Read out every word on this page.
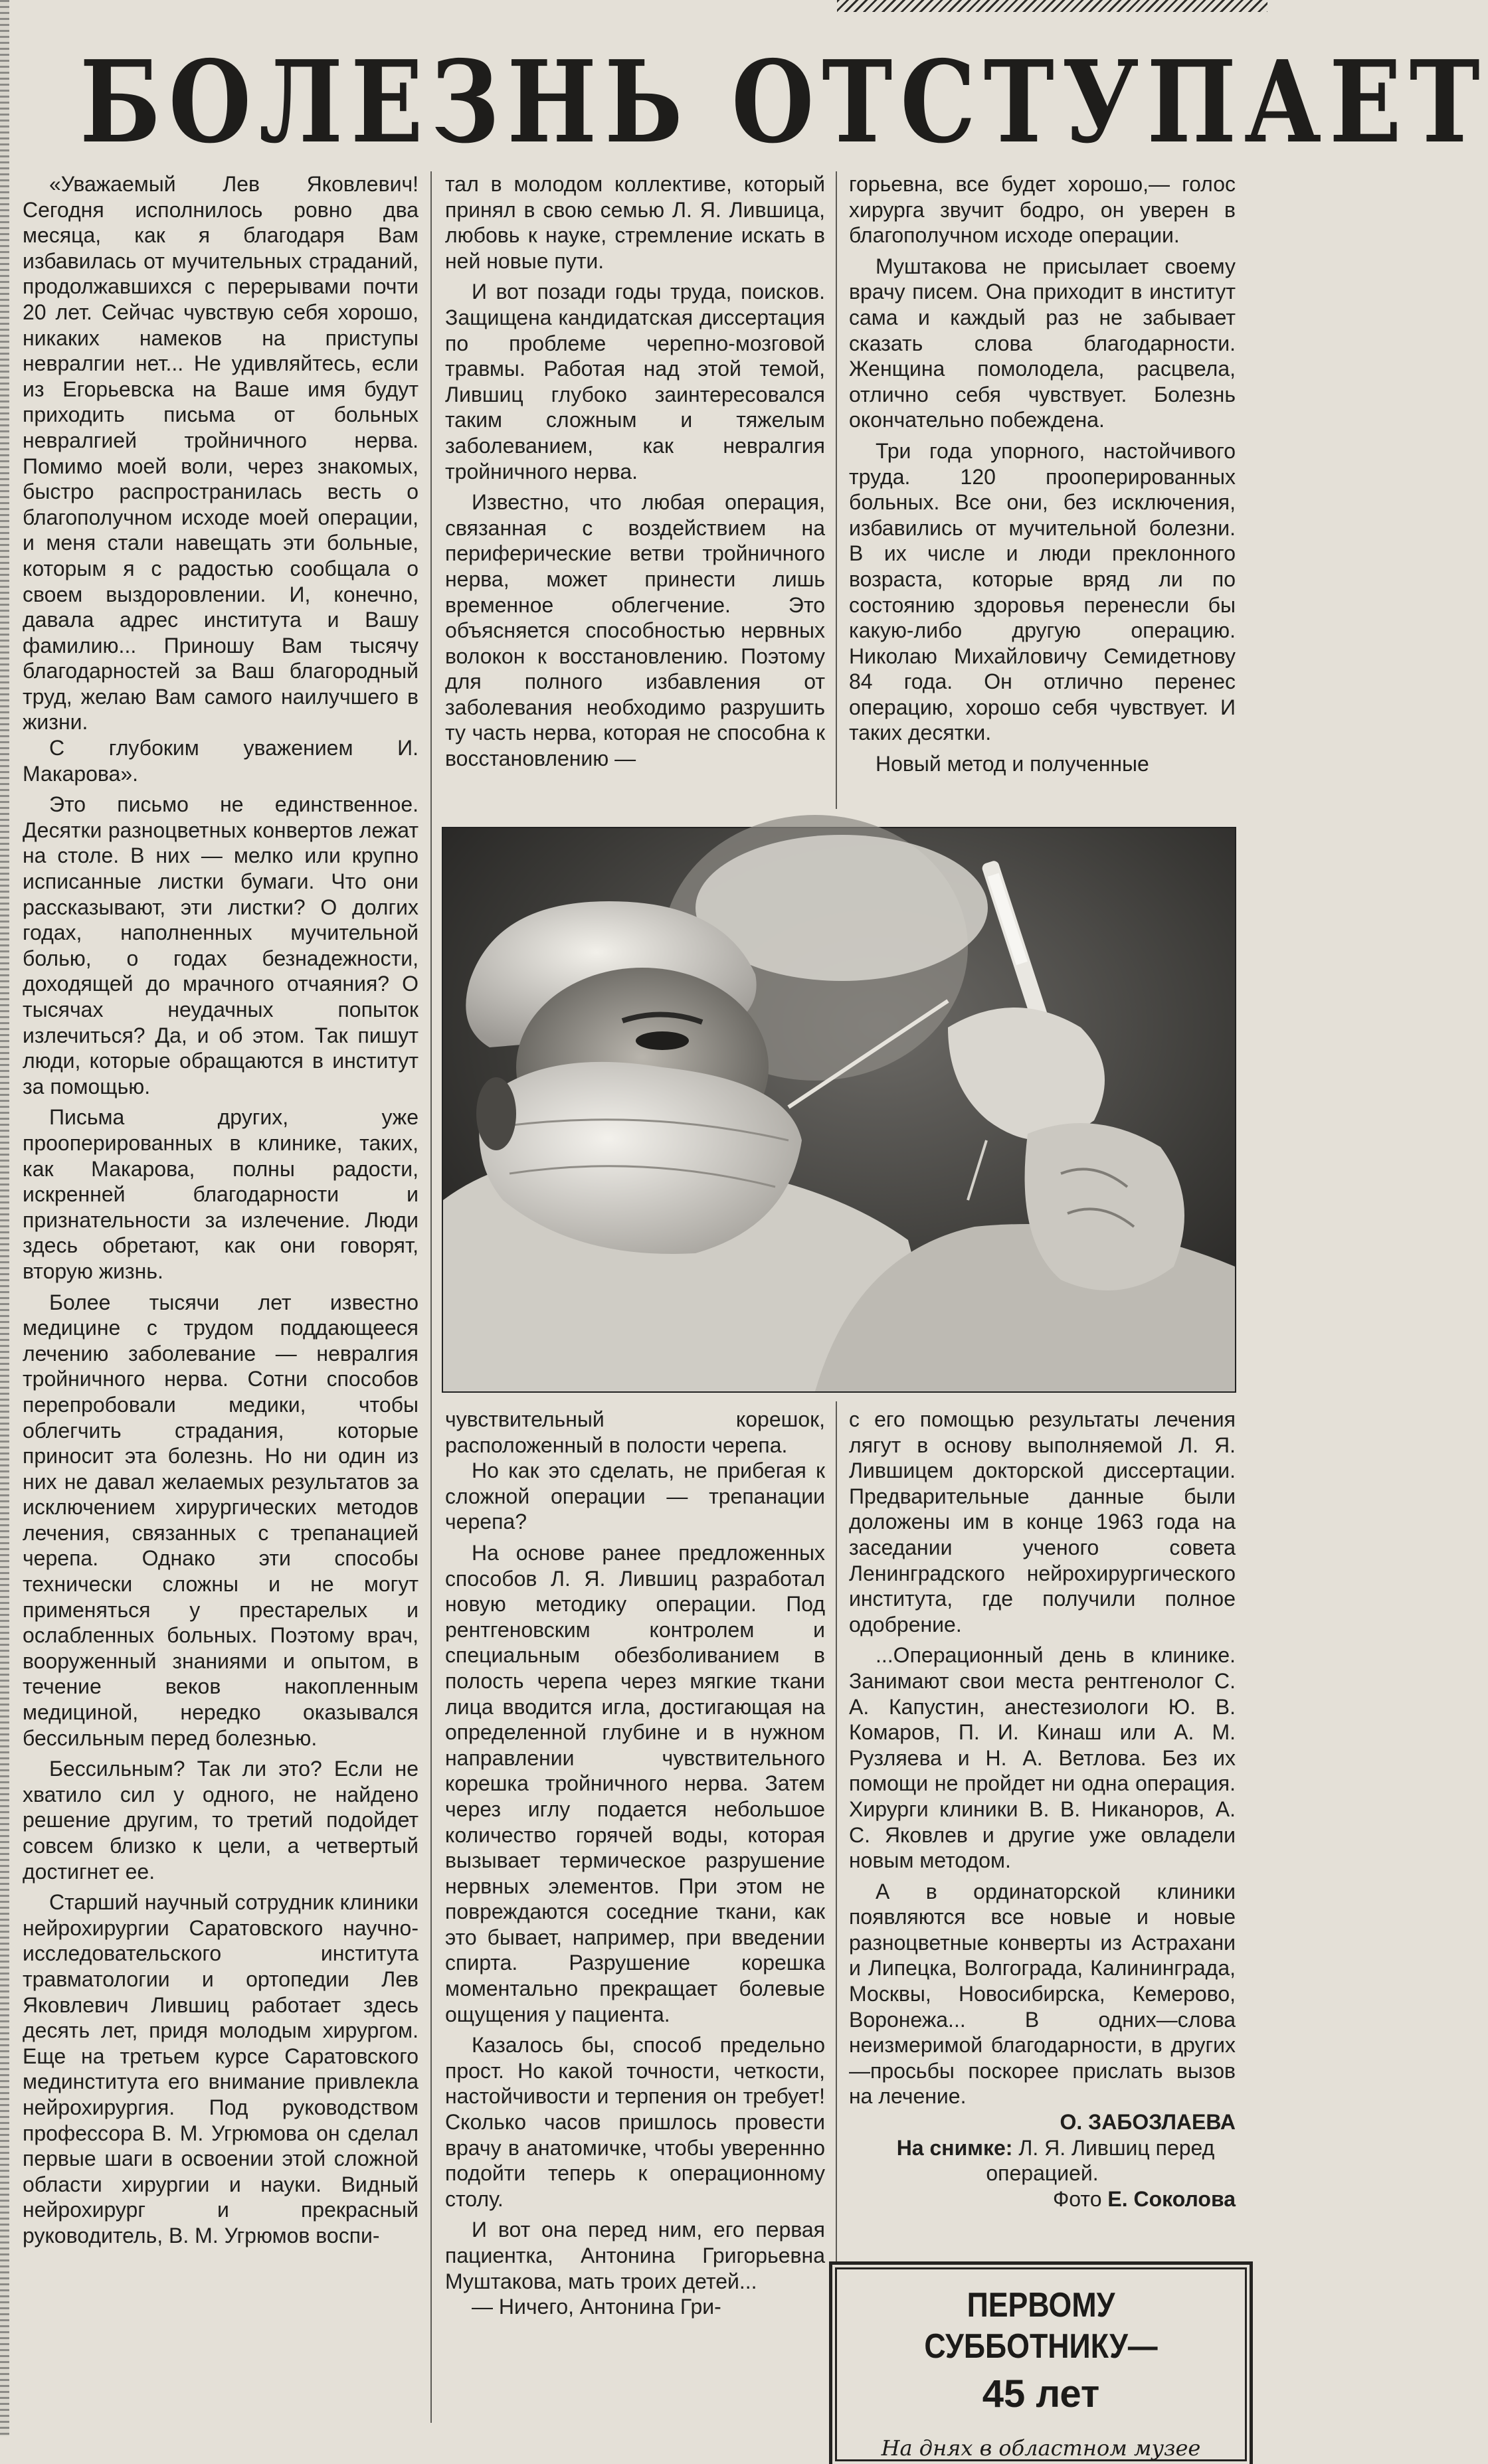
БОЛЕЗНЬ ОТСТУПАЕТ

«Уважаемый Лев Яковлевич! Сегодня исполнилось ровно два месяца, как я благодаря Вам избавилась от мучительных страданий, продолжавшихся с перерывами почти 20 лет. Сейчас чувствую себя хорошо, никаких намеков на приступы невралгии нет... Не удивляйтесь, если из Егорьевска на Ваше имя будут приходить письма от больных невралгией тройничного нерва. Помимо моей воли, через знакомых, быстро распространилась весть о благополучном исходе моей операции, и меня стали навещать эти больные, которым я с радостью сообщала о своем выздоровлении. И, конечно, давала адрес института и Вашу фамилию... Приношу Вам тысячу благодарностей за Ваш благородный труд, желаю Вам самого наилучшего в жизни.

С глубоким уважением И. Макарова».

Это письмо не единственное. Десятки разноцветных конвертов лежат на столе. В них — мелко или крупно исписанные листки бумаги. Что они рассказывают, эти листки? О долгих годах, наполненных мучительной болью, о годах безнадежности, доходящей до мрачного отчаяния? О тысячах неудачных попыток излечиться? Да, и об этом. Так пишут люди, которые обращаются в институт за помощью.

Письма других, уже прооперированных в клинике, таких, как Макарова, полны радости, искренней благодарности и признательности за излечение. Люди здесь обретают, как они говорят, вторую жизнь.

Более тысячи лет известно медицине с трудом поддающееся лечению заболевание — невралгия тройничного нерва. Сотни способов перепробовали медики, чтобы облегчить страдания, которые приносит эта болезнь. Но ни один из них не давал желаемых результатов за исключением хирургических методов лечения, связанных с трепанацией черепа. Однако эти способы технически сложны и не могут применяться у престарелых и ослабленных больных. Поэтому врач, вооруженный знаниями и опытом, в течение веков накопленным медициной, нередко оказывался бессильным перед болезнью.

Бессильным? Так ли это? Если не хватило сил у одного, не найдено решение другим, то третий подойдет совсем близко к цели, а четвертый достигнет ее.

Старший научный сотрудник клиники нейрохирургии Саратовского научно-исследовательского института травматологии и ортопедии Лев Яковлевич Лившиц работает здесь десять лет, придя молодым хирургом. Еще на третьем курсе Саратовского мединститута его внимание привлекла нейрохирургия. Под руководством профессора В. М. Угрюмова он сделал первые шаги в освоении этой сложной области хирургии и науки. Видный нейрохирург и прекрасный руководитель, В. М. Угрюмов воспи-

тал в молодом коллективе, который принял в свою семью Л. Я. Лившица, любовь к науке, стремление искать в ней новые пути.

И вот позади годы труда, поисков. Защищена кандидатская диссертация по проблеме черепно-мозговой травмы. Работая над этой темой, Лившиц глубоко заинтересовался таким сложным и тяжелым заболеванием, как невралгия тройничного нерва.

Известно, что любая операция, связанная с воздействием на периферические ветви тройничного нерва, может принести лишь временное облегчение. Это объясняется способностью нервных волокон к восстановлению. Поэтому для полного избавления от заболевания необходимо разрушить ту часть нерва, которая не способна к восстановлению —

горьевна, все будет хорошо,— голос хирурга звучит бодро, он уверен в благополучном исходе операции.

Муштакова не присылает своему врачу писем. Она приходит в институт сама и каждый раз не забывает сказать слова благодарности. Женщина помолодела, расцвела, отлично себя чувствует. Болезнь окончательно побеждена.

Три года упорного, настойчивого труда. 120 прооперированных больных. Все они, без исключения, избавились от мучительной болезни. В их числе и люди преклонного возраста, которые вряд ли по состоянию здоровья перенесли бы какую-либо другую операцию. Николаю Михайловичу Семидетнову 84 года. Он отлично перенес операцию, хорошо себя чувствует. И таких десятки.

Новый метод и полученные

чувствительный корешок, расположенный в полости черепа.

Но как это сделать, не прибегая к сложной операции — трепанации черепа?

На основе ранее предложенных способов Л. Я. Лившиц разработал новую методику операции. Под рентгеновским контролем и специальным обезболиванием в полость черепа через мягкие ткани лица вводится игла, достигающая на определенной глубине и в нужном направлении чувствительного корешка тройничного нерва. Затем через иглу подается небольшое количество горячей воды, которая вызывает термическое разрушение нервных элементов. При этом не повреждаются соседние ткани, как это бывает, например, при введении спирта. Разрушение корешка моментально прекращает болевые ощущения у пациента.

Казалось бы, способ предельно прост. Но какой точности, четкости, настойчивости и терпения он требует! Сколько часов пришлось провести врачу в анатомичке, чтобы увереннно подойти теперь к операционному столу.

И вот она перед ним, его первая пациентка, Антонина Григорьевна Муштакова, мать троих детей...

— Ничего, Антонина Гри-

с его помощью результаты лечения лягут в основу выполняемой Л. Я. Лившицем докторской диссертации. Предварительные данные были доложены им в конце 1963 года на заседании ученого совета Ленинградского нейрохирургического института, где получили полное одобрение.

...Операционный день в клинике. Занимают свои места рентгенолог С. А. Капустин, анестезиологи Ю. В. Комаров, П. И. Кинаш или А. М. Рузляева и Н. А. Ветлова. Без их помощи не пройдет ни одна операция. Хирурги клиники В. В. Никаноров, А. С. Яковлев и другие уже овладели новым методом.

А в ординаторской клиники появляются все новые и новые разноцветные конверты из Астрахани и Липецка, Волгограда, Калининграда, Москвы, Новосибирска, Кемерово, Воронежа... В одних—слова неизмеримой благодарности, в других—просьбы поскорее прислать вызов на лечение.

О. ЗАБОЗЛАЕВА

На снимке: Л. Я. Лившиц перед операцией.

Фото Е. Соколова

ПЕРВОМУ СУББОТНИКУ—
45 лет
На днях в областном музее
